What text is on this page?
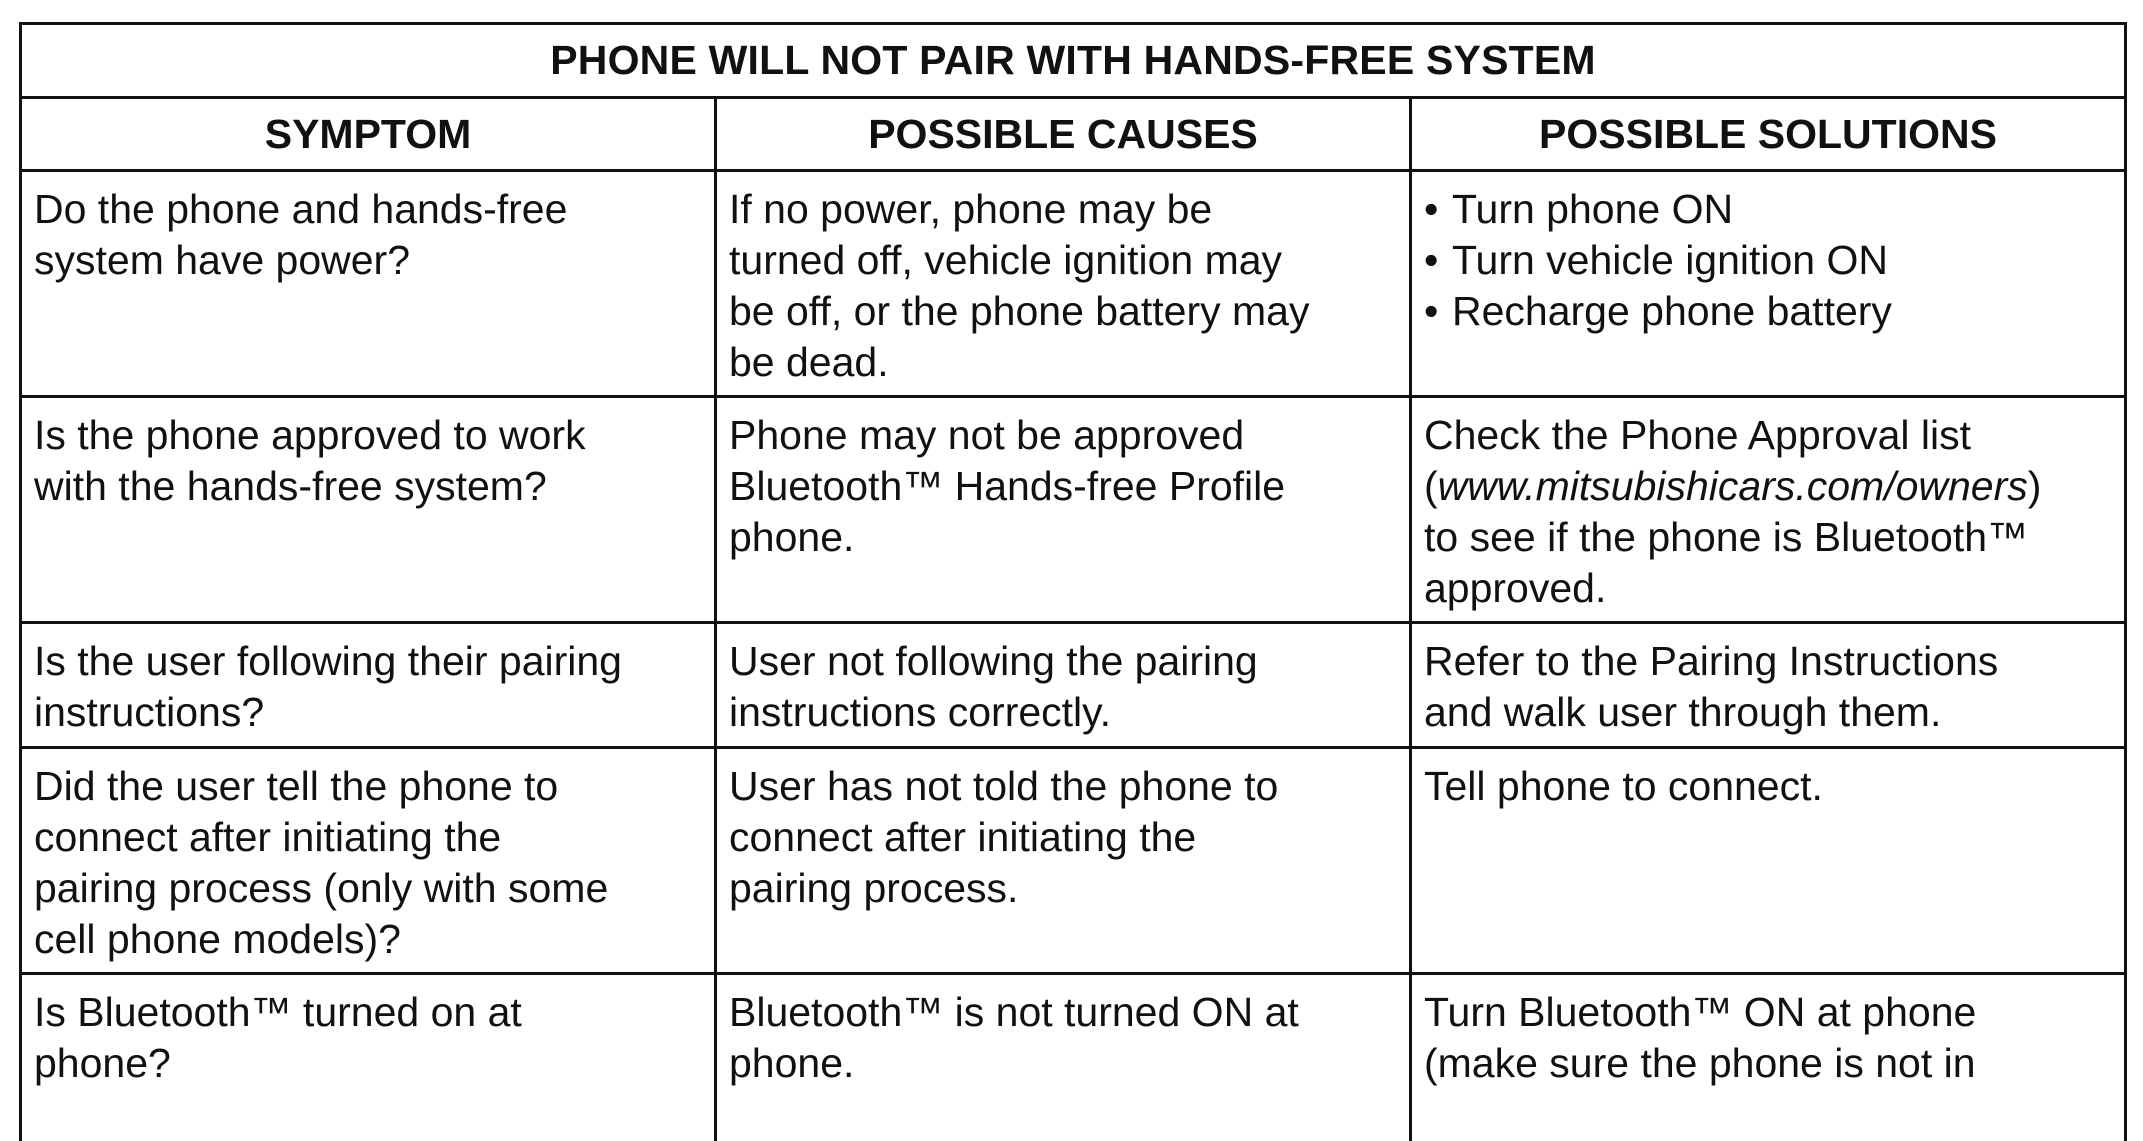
PHONE WILL NOT PAIR WITH HANDS-FREE SYSTEM
SYMPTOM	POSSIBLE CAUSES	POSSIBLE SOLUTIONS
Do the phone and hands-free
system have power?
If no power, phone may be
turned off, vehicle ignition may
be off, or the phone battery may
be dead.
• Turn phone ON
• Turn vehicle ignition ON
• Recharge phone battery
Is the phone approved to work
with the hands-free system?
Phone may not be approved
Bluetooth™ Hands-free Profile
phone.
Check the Phone Approval list
(www.mitsubishicars.com/owners)
to see if the phone is Bluetooth™
approved.
Is the user following their pairing
instructions?
User not following the pairing
instructions correctly.
Refer to the Pairing Instructions
and walk user through them.
Did the user tell the phone to
connect after initiating the
pairing process (only with some
cell phone models)?
User has not told the phone to
connect after initiating the
pairing process.
Tell phone to connect.
Is Bluetooth™ turned on at
phone?
Bluetooth™ is not turned ON at
phone.
Turn Bluetooth™ ON at phone
(make sure the phone is not in
